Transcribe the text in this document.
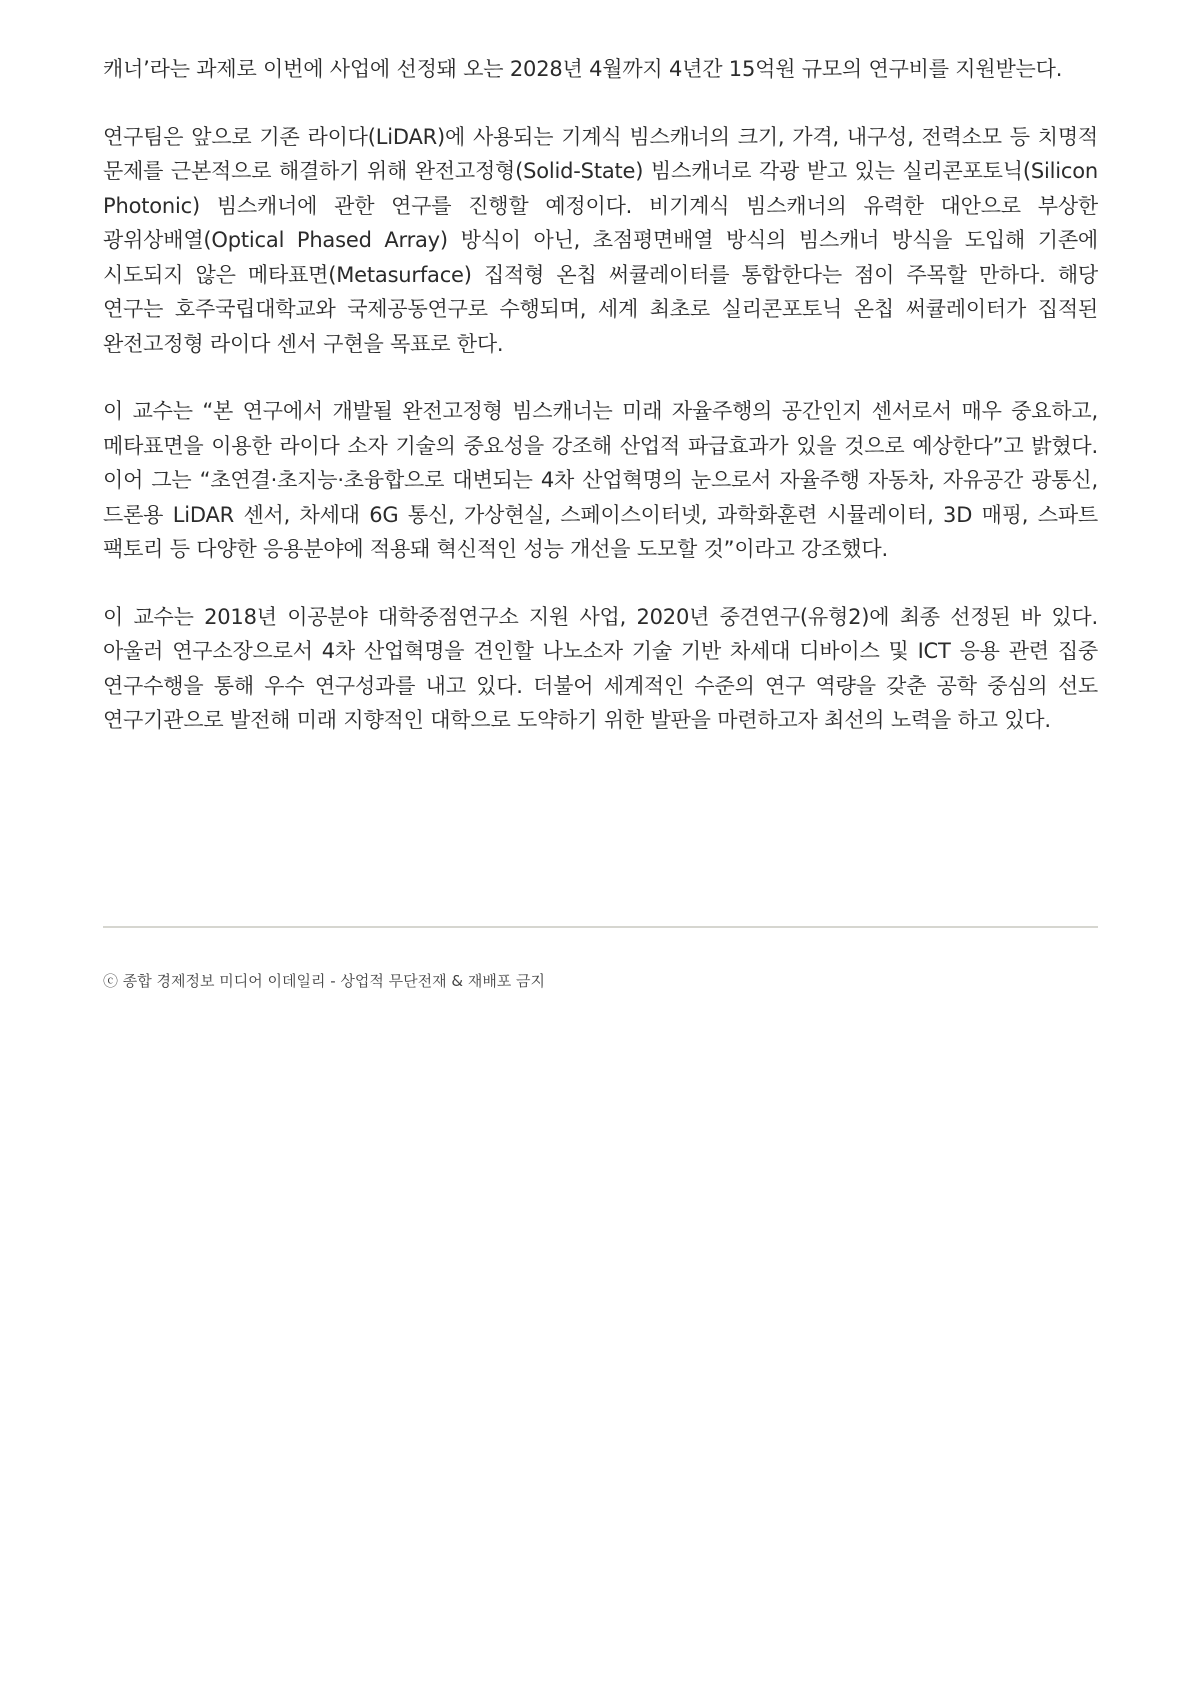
캐너’라는 과제로 이번에 사업에 선정돼 오는 2028년 4월까지 4년간 15억원 규모의 연구비를 지원받는다.

연구팀은 앞으로 기존 라이다(LiDAR)에 사용되는 기계식 빔스캐너의 크기, 가격, 내구성, 전력소모 등 치명적 문제를 근본적으로 해결하기 위해 완전고정형(Solid-State) 빔스캐너로 각광 받고 있는 실리콘포토닉(Silicon Photonic) 빔스캐너에 관한 연구를 진행할 예정이다. 비기계식 빔스캐너의 유력한 대안으로 부상한 광위상배열(Optical Phased Array) 방식이 아닌, 초점평면배열 방식의 빔스캐너 방식을 도입해 기존에 시도되지 않은 메타표면(Metasurface) 집적형 온칩 써큘레이터를 통합한다는 점이 주목할 만하다. 해당 연구는 호주국립대학교와 국제공동연구로 수행되며, 세계 최초로 실리콘포토닉 온칩 써큘레이터가 집적된 완전고정형 라이다 센서 구현을 목표로 한다.

이 교수는 “본 연구에서 개발될 완전고정형 빔스캐너는 미래 자율주행의 공간인지 센서로서 매우 중요하고, 메타표면을 이용한 라이다 소자 기술의 중요성을 강조해 산업적 파급효과가 있을 것으로 예상한다”고 밝혔다. 이어 그는 “초연결·초지능·초융합으로 대변되는 4차 산업혁명의 눈으로서 자율주행 자동차, 자유공간 광통신, 드론용 LiDAR 센서, 차세대 6G 통신, 가상현실, 스페이스이터넷, 과학화훈련 시뮬레이터, 3D 매핑, 스파트 팩토리 등 다양한 응용분야에 적용돼 혁신적인 성능 개선을 도모할 것”이라고 강조했다.

이 교수는 2018년 이공분야 대학중점연구소 지원 사업, 2020년 중견연구(유형2)에 최종 선정된 바 있다. 아울러 연구소장으로서 4차 산업혁명을 견인할 나노소자 기술 기반 차세대 디바이스 및 ICT 응용 관련 집중 연구수행을 통해 우수 연구성과를 내고 있다. 더불어 세계적인 수준의 연구 역량을 갖춘 공학 중심의 선도 연구기관으로 발전해 미래 지향적인 대학으로 도약하기 위한 발판을 마련하고자 최선의 노력을 하고 있다.

ⓒ 종합 경제정보 미디어 이데일리 - 상업적 무단전재 & 재배포 금지
